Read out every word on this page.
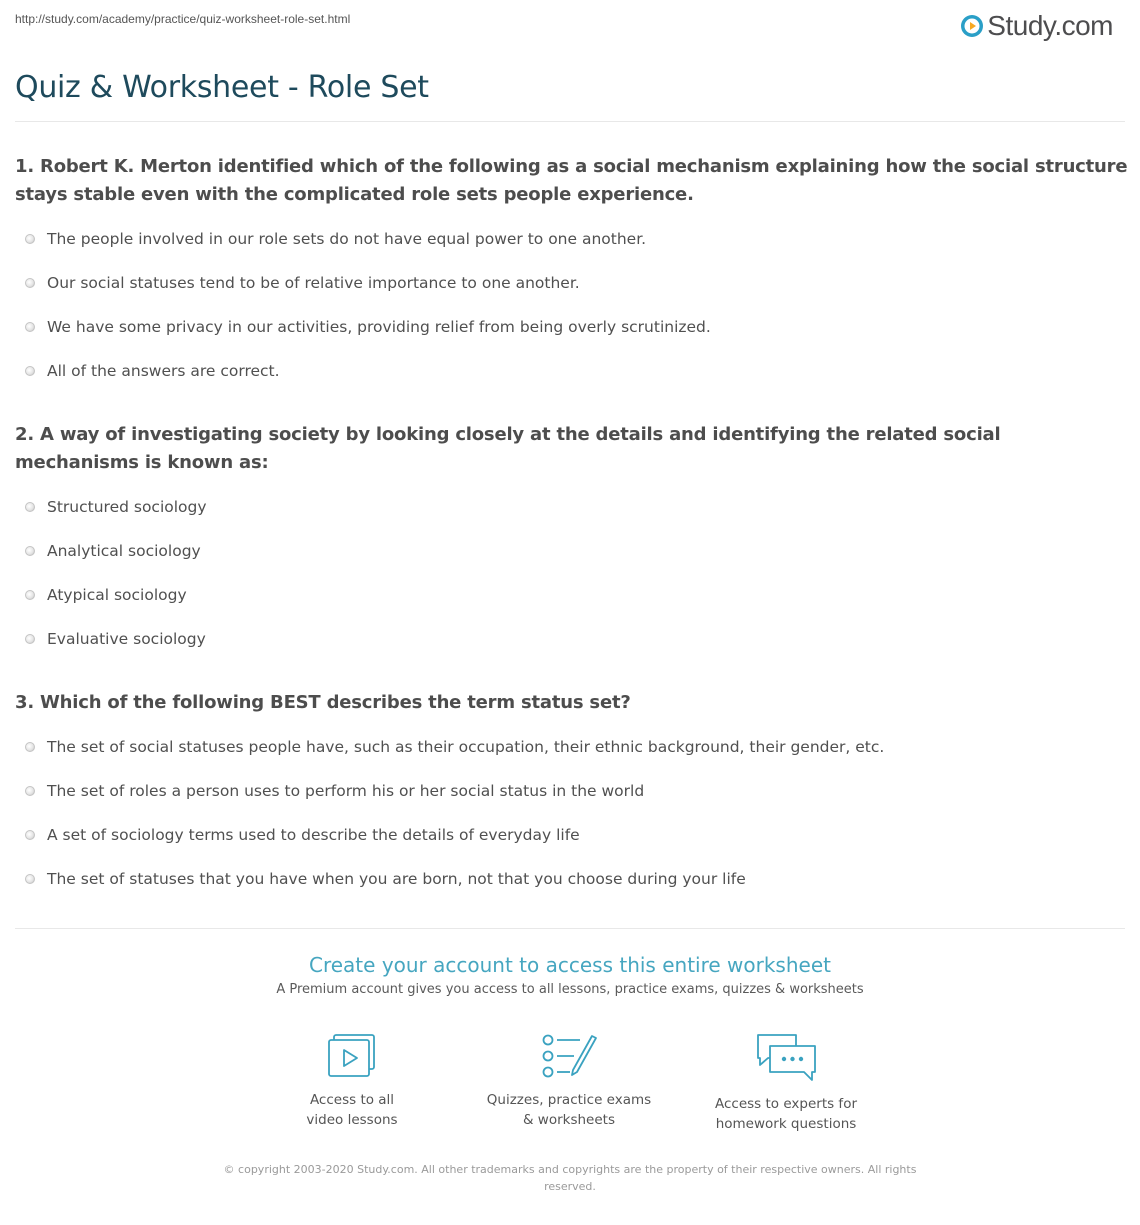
http://study.com/academy/practice/quiz-worksheet-role-set.html	Study.com
Quiz & Worksheet - Role Set

1. Robert K. Merton identified which of the following as a social mechanism explaining how the social structure stays stable even with the complicated role sets people experience.

The people involved in our role sets do not have equal power to one another.
Our social statuses tend to be of relative importance to one another.
We have some privacy in our activities, providing relief from being overly scrutinized.
All of the answers are correct.

2. A way of investigating society by looking closely at the details and identifying the related social mechanisms is known as:

Structured sociology
Analytical sociology
Atypical sociology
Evaluative sociology

3. Which of the following BEST describes the term status set?

The set of social statuses people have, such as their occupation, their ethnic background, their gender, etc.
The set of roles a person uses to perform his or her social status in the world
A set of sociology terms used to describe the details of everyday life
The set of statuses that you have when you are born, not that you choose during your life

Create your account to access this entire worksheet

A Premium account gives you access to all lessons, practice exams, quizzes & worksheets
Access to all
video lessons
Quizzes, practice exams
& worksheets
Access to experts for
homework questions
© copyright 2003-2020 Study.com. All other trademarks and copyrights are the property of their respective owners. All rights
reserved.
